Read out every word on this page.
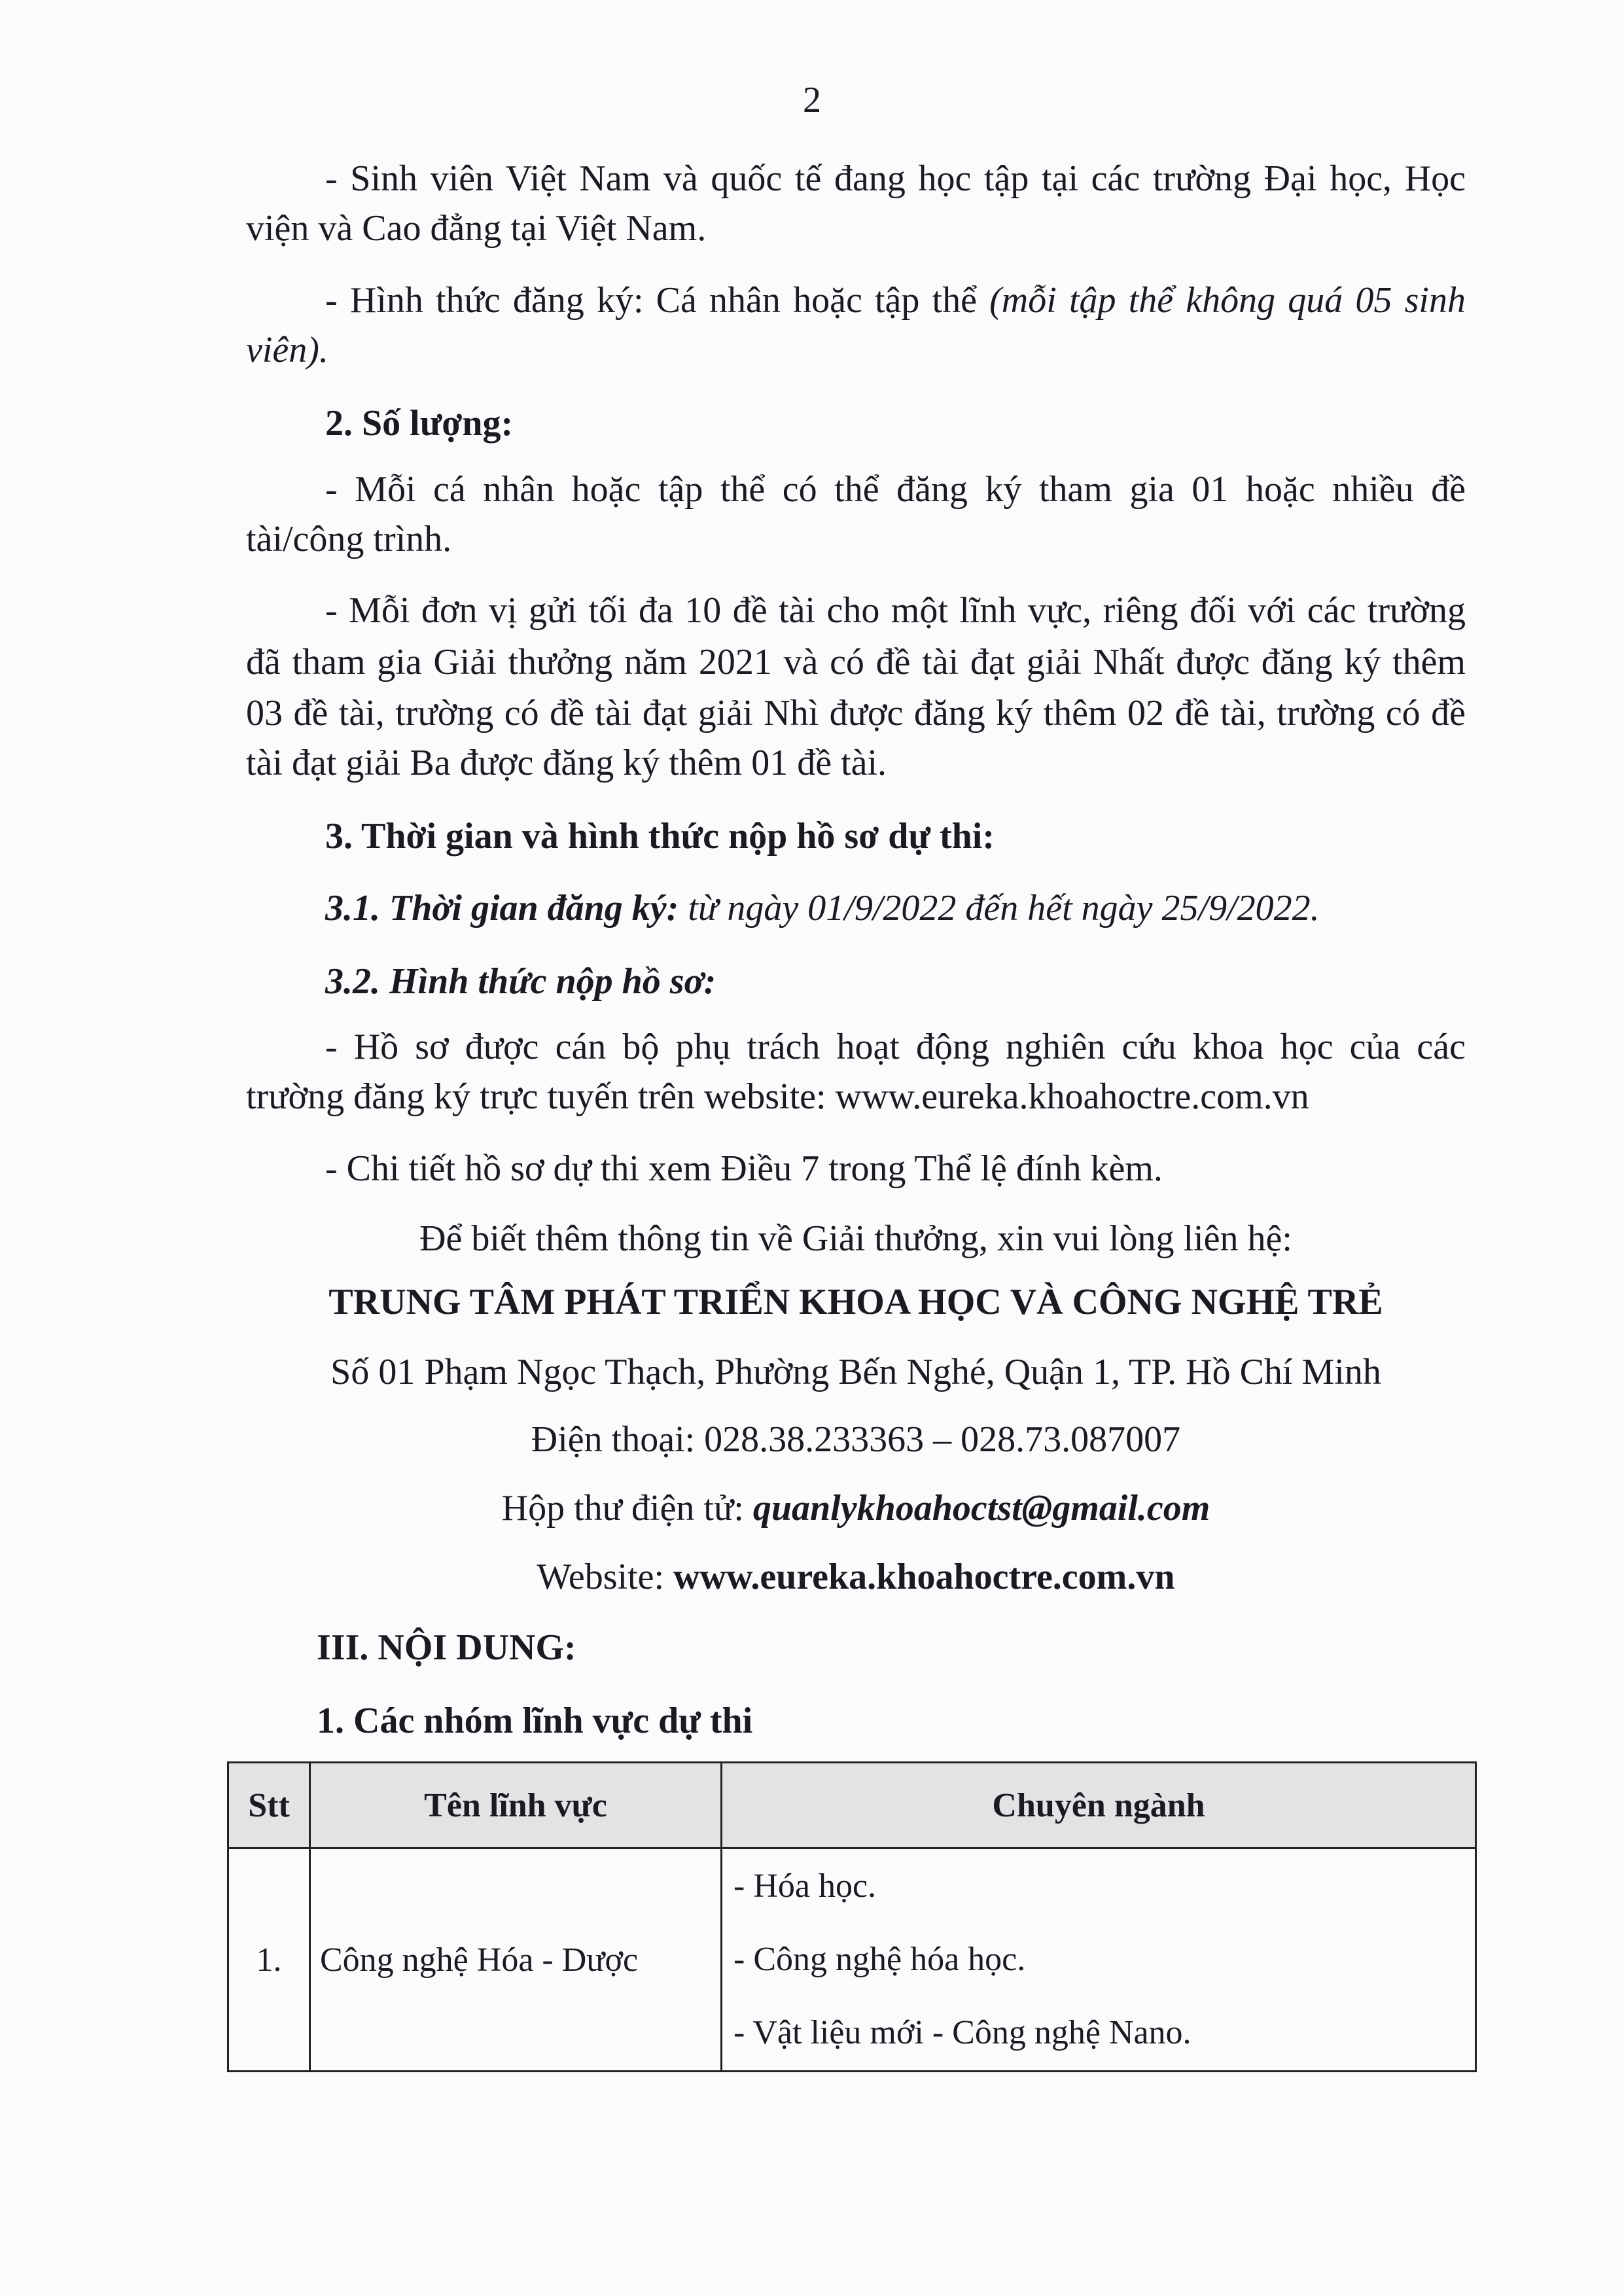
2
- Sinh viên Việt Nam và quốc tế đang học tập tại các trường Đại học, Học
viện và Cao đẳng tại Việt Nam.
- Hình thức đăng ký: Cá nhân hoặc tập thể (mỗi tập thể không quá 05 sinh
viên).
2. Số lượng:
- Mỗi cá nhân hoặc tập thể có thể đăng ký tham gia 01 hoặc nhiều đề
tài/công trình.
- Mỗi đơn vị gửi tối đa 10 đề tài cho một lĩnh vực, riêng đối với các trường
đã tham gia Giải thưởng năm 2021 và có đề tài đạt giải Nhất được đăng ký thêm
03 đề tài, trường có đề tài đạt giải Nhì được đăng ký thêm 02 đề tài, trường có đề
tài đạt giải Ba được đăng ký thêm 01 đề tài.
3. Thời gian và hình thức nộp hồ sơ dự thi:
3.1. Thời gian đăng ký: từ ngày 01/9/2022 đến hết ngày 25/9/2022.
3.2. Hình thức nộp hồ sơ:
- Hồ sơ được cán bộ phụ trách hoạt động nghiên cứu khoa học của các
trường đăng ký trực tuyến trên website: www.eureka.khoahoctre.com.vn
- Chi tiết hồ sơ dự thi xem Điều 7 trong Thể lệ đính kèm.
Để biết thêm thông tin về Giải thưởng, xin vui lòng liên hệ:
TRUNG TÂM PHÁT TRIỂN KHOA HỌC VÀ CÔNG NGHỆ TRẺ
Số 01 Phạm Ngọc Thạch, Phường Bến Nghé, Quận 1, TP. Hồ Chí Minh
Điện thoại: 028.38.233363 – 028.73.087007
Hộp thư điện tử: quanlykhoahoctst@gmail.com
Website: www.eureka.khoahoctre.com.vn
III. NỘI DUNG:
1. Các nhóm lĩnh vực dự thi
Stt	Tên lĩnh vực	Chuyên ngành
1.	Công nghệ Hóa - Dược	- Hóa học.
- Công nghệ hóa học.
- Vật liệu mới - Công nghệ Nano.
